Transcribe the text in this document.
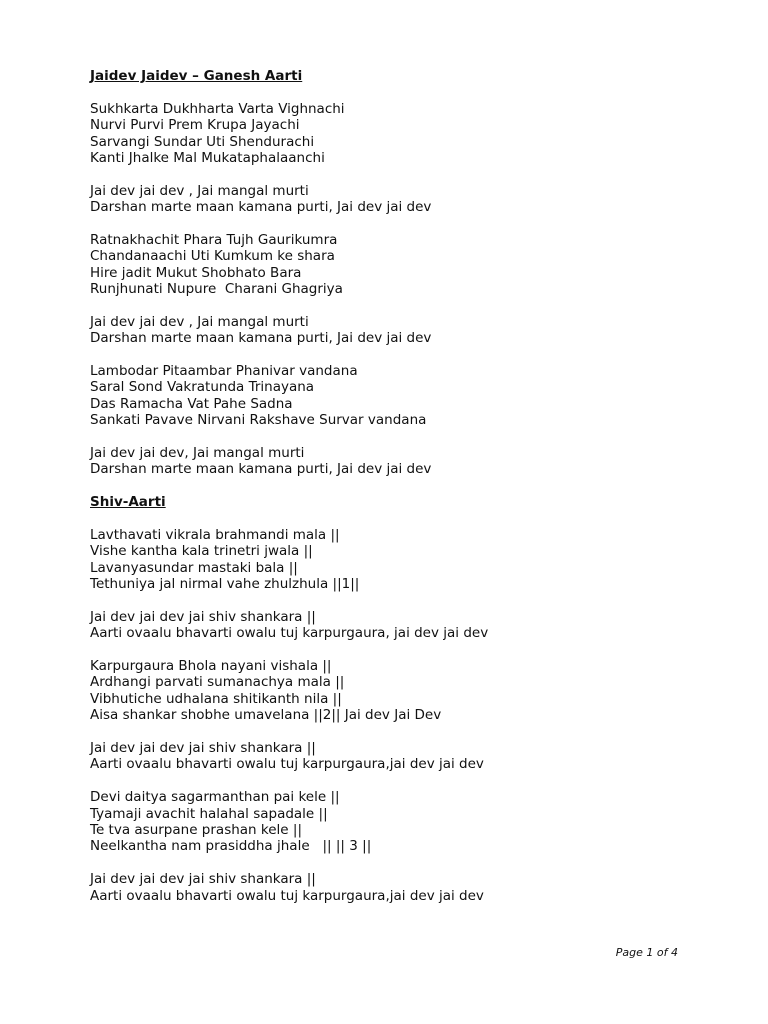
Jaidev Jaidev – Ganesh Aarti
Sukhkarta Dukhharta Varta Vighnachi
Nurvi Purvi Prem Krupa Jayachi
Sarvangi Sundar Uti Shendurachi
Kanti Jhalke Mal Mukataphalaanchi
Jai dev jai dev , Jai mangal murti
Darshan marte maan kamana purti, Jai dev jai dev
Ratnakhachit Phara Tujh Gaurikumra
Chandanaachi Uti Kumkum ke shara
Hire jadit Mukut Shobhato Bara
Runjhunati Nupure  Charani Ghagriya
Jai dev jai dev , Jai mangal murti
Darshan marte maan kamana purti, Jai dev jai dev
Lambodar Pitaambar Phanivar vandana
Saral Sond Vakratunda Trinayana
Das Ramacha Vat Pahe Sadna
Sankati Pavave Nirvani Rakshave Survar vandana
Jai dev jai dev, Jai mangal murti
Darshan marte maan kamana purti, Jai dev jai dev
Shiv-Aarti
Lavthavati vikrala brahmandi mala ||
Vishe kantha kala trinetri jwala ||
Lavanyasundar mastaki bala ||
Tethuniya jal nirmal vahe zhulzhula ||1||
Jai dev jai dev jai shiv shankara ||
Aarti ovaalu bhavarti owalu tuj karpurgaura, jai dev jai dev
Karpurgaura Bhola nayani vishala ||
Ardhangi parvati sumanachya mala ||
Vibhutiche udhalana shitikanth nila ||
Aisa shankar shobhe umavelana ||2|| Jai dev Jai Dev
Jai dev jai dev jai shiv shankara ||
Aarti ovaalu bhavarti owalu tuj karpurgaura,jai dev jai dev
Devi daitya sagarmanthan pai kele ||
Tyamaji avachit halahal sapadale ||
Te tva asurpane prashan kele ||
Neelkantha nam prasiddha jhale   || || 3 ||
Jai dev jai dev jai shiv shankara ||
Aarti ovaalu bhavarti owalu tuj karpurgaura,jai dev jai dev
Page 1 of 4
